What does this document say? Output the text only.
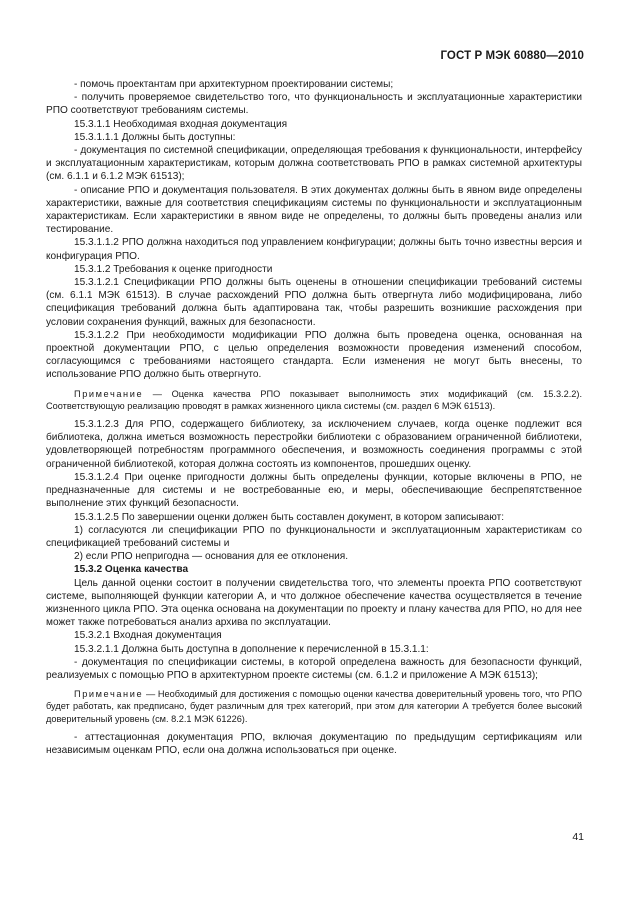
ГОСТ Р МЭК 60880—2010

- помочь проектантам при архитектурном проектировании системы;

- получить проверяемое свидетельство того, что функциональность и эксплуатационные характеристики РПО соответствуют требованиям системы.

15.3.1.1 Необходимая входная документация

15.3.1.1.1 Должны быть доступны:

- документация по системной спецификации, определяющая требования к функциональности, интерфейсу и эксплуатационным характеристикам, которым должна соответствовать РПО в рамках системной архитектуры (см. 6.1.1 и 6.1.2 МЭК 61513);

- описание РПО и документация пользователя. В этих документах должны быть в явном виде определены характеристики, важные для соответствия спецификациям системы по функциональности и эксплуатационным характеристикам. Если характеристики в явном виде не определены, то должны быть проведены анализ или тестирование.

15.3.1.1.2 РПО должна находиться под управлением конфигурации; должны быть точно известны версия и конфигурация РПО.

15.3.1.2 Требования к оценке пригодности

15.3.1.2.1 Спецификации РПО должны быть оценены в отношении спецификации требований системы (см. 6.1.1 МЭК 61513). В случае расхождений РПО должна быть отвергнута либо модифицирована, либо спецификация требований должна быть адаптирована так, чтобы разрешить возникшие расхождения при условии сохранения функций, важных для безопасности.

15.3.1.2.2 При необходимости модификации РПО должна быть проведена оценка, основанная на проектной документации РПО, с целью определения возможности проведения изменений способом, согласующимся с требованиями настоящего стандарта. Если изменения не могут быть внесены, то использование РПО должно быть отвергнуто.

Примечание — Оценка качества РПО показывает выполнимость этих модификаций (см. 15.3.2.2). Соответствующую реализацию проводят в рамках жизненного цикла системы (см. раздел 6 МЭК 61513).

15.3.1.2.3 Для РПО, содержащего библиотеку, за исключением случаев, когда оценке подлежит вся библиотека, должна иметься возможность перестройки библиотеки с образованием ограниченной библиотеки, удовлетворяющей потребностям программного обеспечения, и возможность соединения программы с этой ограниченной библиотекой, которая должна состоять из компонентов, прошедших оценку.

15.3.1.2.4 При оценке пригодности должны быть определены функции, которые включены в РПО, не предназначенные для системы и не востребованные ею, и меры, обеспечивающие беспрепятственное выполнение этих функций безопасности.

15.3.1.2.5 По завершении оценки должен быть составлен документ, в котором записывают:

1) согласуются ли спецификации РПО по функциональности и эксплуатационным характеристикам со спецификацией требований системы и

2) если РПО непригодна — основания для ее отклонения.

15.3.2 Оценка качества

Цель данной оценки состоит в получении свидетельства того, что элементы проекта РПО соответствуют системе, выполняющей функции категории А, и что должное обеспечение качества осуществляется в течение жизненного цикла РПО. Эта оценка основана на документации по проекту и плану качества для РПО, но для нее может также потребоваться анализ архива по эксплуатации.

15.3.2.1 Входная документация

15.3.2.1.1 Должна быть доступна в дополнение к перечисленной в 15.3.1.1:

- документация по спецификации системы, в которой определена важность для безопасности функций, реализуемых с помощью РПО в архитектурном проекте системы (см. 6.1.2 и приложение А МЭК 61513);

Примечание — Необходимый для достижения с помощью оценки качества доверительный уровень того, что РПО будет работать, как предписано, будет различным для трех категорий, при этом для категории А требуется более высокий доверительный уровень (см. 8.2.1 МЭК 61226).

- аттестационная документация РПО, включая документацию по предыдущим сертификациям или независимым оценкам РПО, если она должна использоваться при оценке.

41
